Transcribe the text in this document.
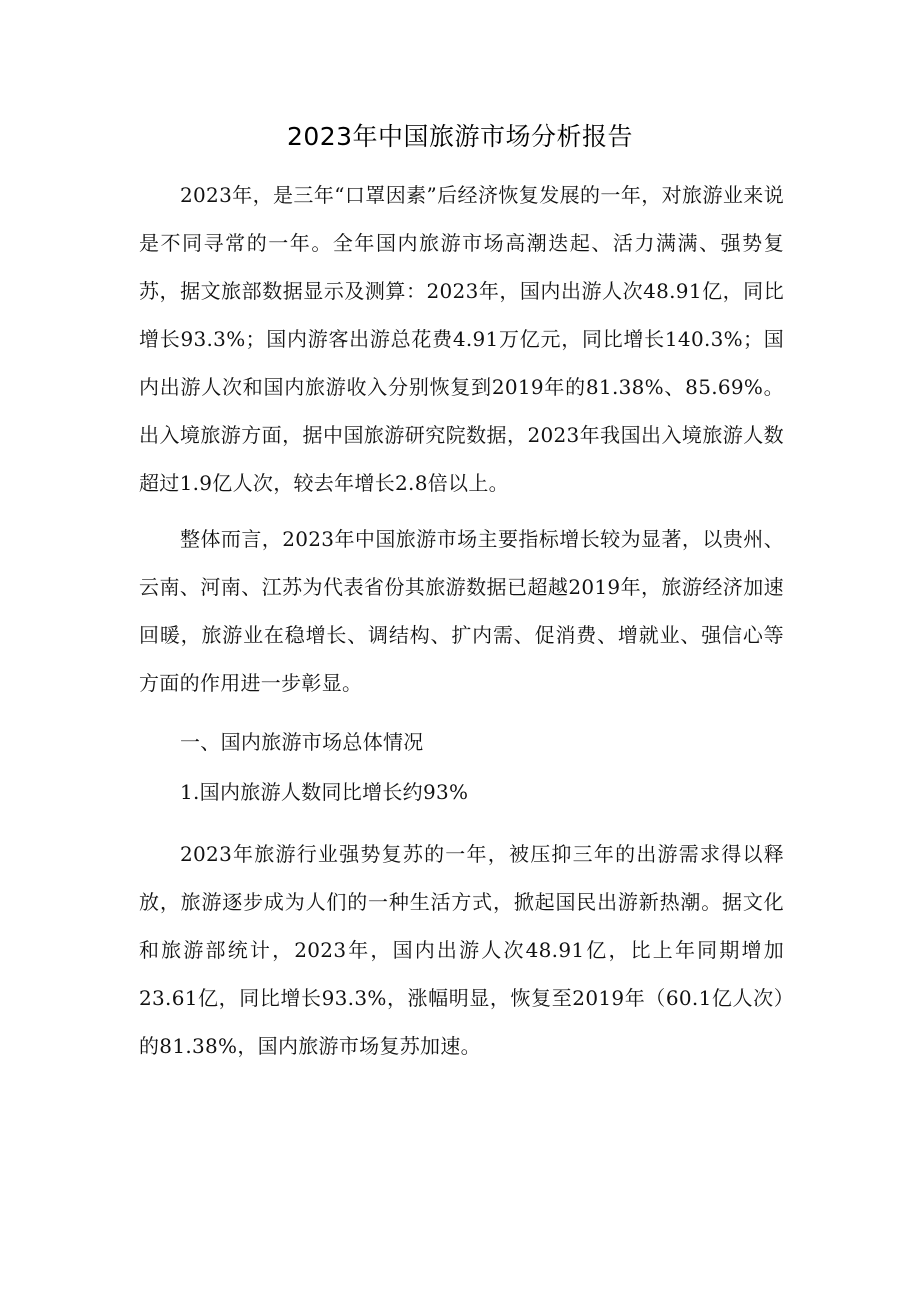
2023年中国旅游市场分析报告

2023年，是三年“口罩因素”后经济恢复发展的一年，对旅游业来说是不同寻常的一年。全年国内旅游市场高潮迭起、活力满满、强势复苏，据文旅部数据显示及测算：2023年，国内出游人次48.91亿，同比增长93.3%；国内游客出游总花费4.91万亿元，同比增长140.3%；国内出游人次和国内旅游收入分别恢复到2019年的81.38%、85.69%。出入境旅游方面，据中国旅游研究院数据，2023年我国出入境旅游人数超过1.9亿人次，较去年增长2.8倍以上。

整体而言，2023年中国旅游市场主要指标增长较为显著，以贵州、云南、河南、江苏为代表省份其旅游数据已超越2019年，旅游经济加速回暖，旅游业在稳增长、调结构、扩内需、促消费、增就业、强信心等方面的作用进一步彰显。

一、国内旅游市场总体情况

1.国内旅游人数同比增长约93%

2023年旅游行业强势复苏的一年，被压抑三年的出游需求得以释放，旅游逐步成为人们的一种生活方式，掀起国民出游新热潮。据文化和旅游部统计，2023年，国内出游人次48.91亿，比上年同期增加23.61亿，同比增长93.3%，涨幅明显，恢复至2019年（60.1亿人次）的81.38%，国内旅游市场复苏加速。
